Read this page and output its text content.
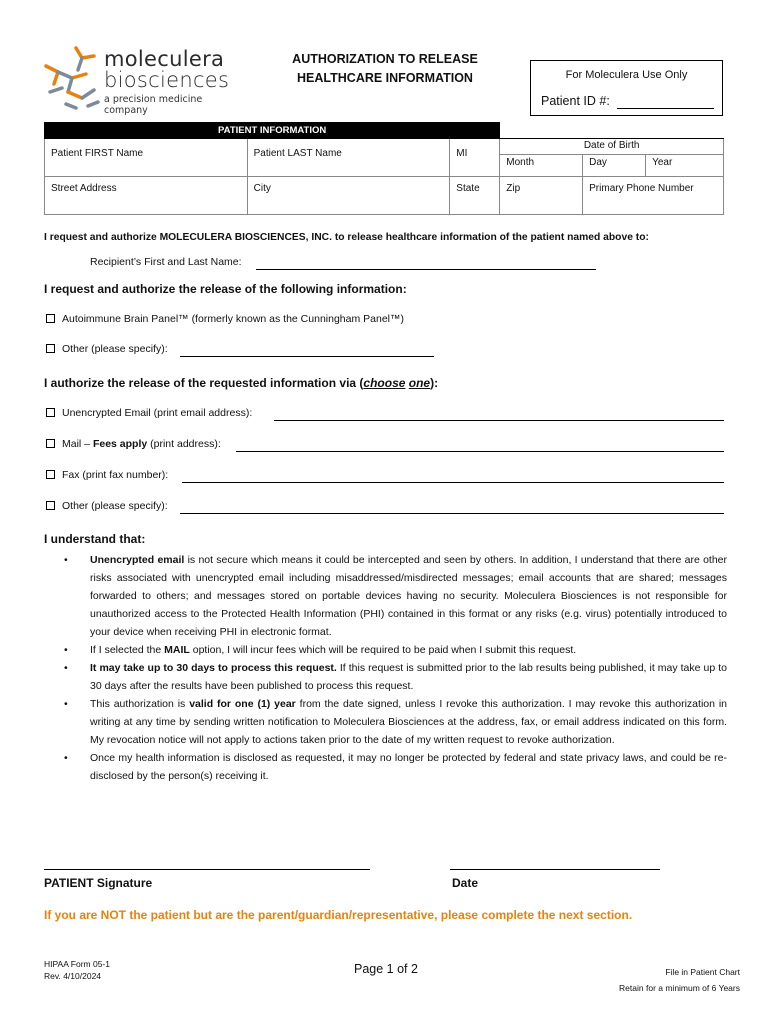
moleculera
biosciences
a precision medicine company
AUTHORIZATION TO RELEASE
HEALTHCARE INFORMATION	For Moleculera Use Only
Patient ID #:
PATIENT INFORMATION					

Patient FIRST Name	Patient LAST Name	MI	Date of Birth		
			Month	Day	Year

Street Address	City	State	Zip	Primary Phone Number	
I request and authorize MOLECULERA BIOSCIENCES, INC. to release healthcare information of the patient named above to:
Recipient’s First and Last Name:
I request and authorize the release of the following information:
Autoimmune Brain Panel™ (formerly known as the Cunningham Panel™)
Other (please specify):
I authorize the release of the requested information via (choose one):
Unencrypted Email (print email address):
Mail – Fees apply (print address):
Fax (print fax number):
Other (please specify):
I understand that:
• Unencrypted email is not secure which means it could be intercepted and seen by others. In addition, I understand that there are other risks associated with unencrypted email including misaddressed/misdirected messages; email accounts that are shared; messages forwarded to others; and messages stored on portable devices having no security. Moleculera Biosciences is not responsible for unauthorized access to the Protected Health Information (PHI) contained in this format or any risks (e.g. virus) potentially introduced to your device when receiving PHI in electronic format.
• If I selected the MAIL option, I will incur fees which will be required to be paid when I submit this request.
• It may take up to 30 days to process this request. If this request is submitted prior to the lab results being published, it may take up to 30 days after the results have been published to process this request.
• This authorization is valid for one (1) year from the date signed, unless I revoke this authorization. I may revoke this authorization in writing at any time by sending written notification to Moleculera Biosciences at the address, fax, or email address indicated on this form. My revocation notice will not apply to actions taken prior to the date of my written request to revoke authorization.
• Once my health information is disclosed as requested, it may no longer be protected by federal and state privacy laws, and could be re-disclosed by the person(s) receiving it.
PATIENT Signature	Date
If you are NOT the patient but are the parent/guardian/representative, please complete the next section.
HIPAA Form 05-1
Rev. 4/10/2024	Page 1 of 2	File in Patient Chart
Retain for a minimum of 6 Years
